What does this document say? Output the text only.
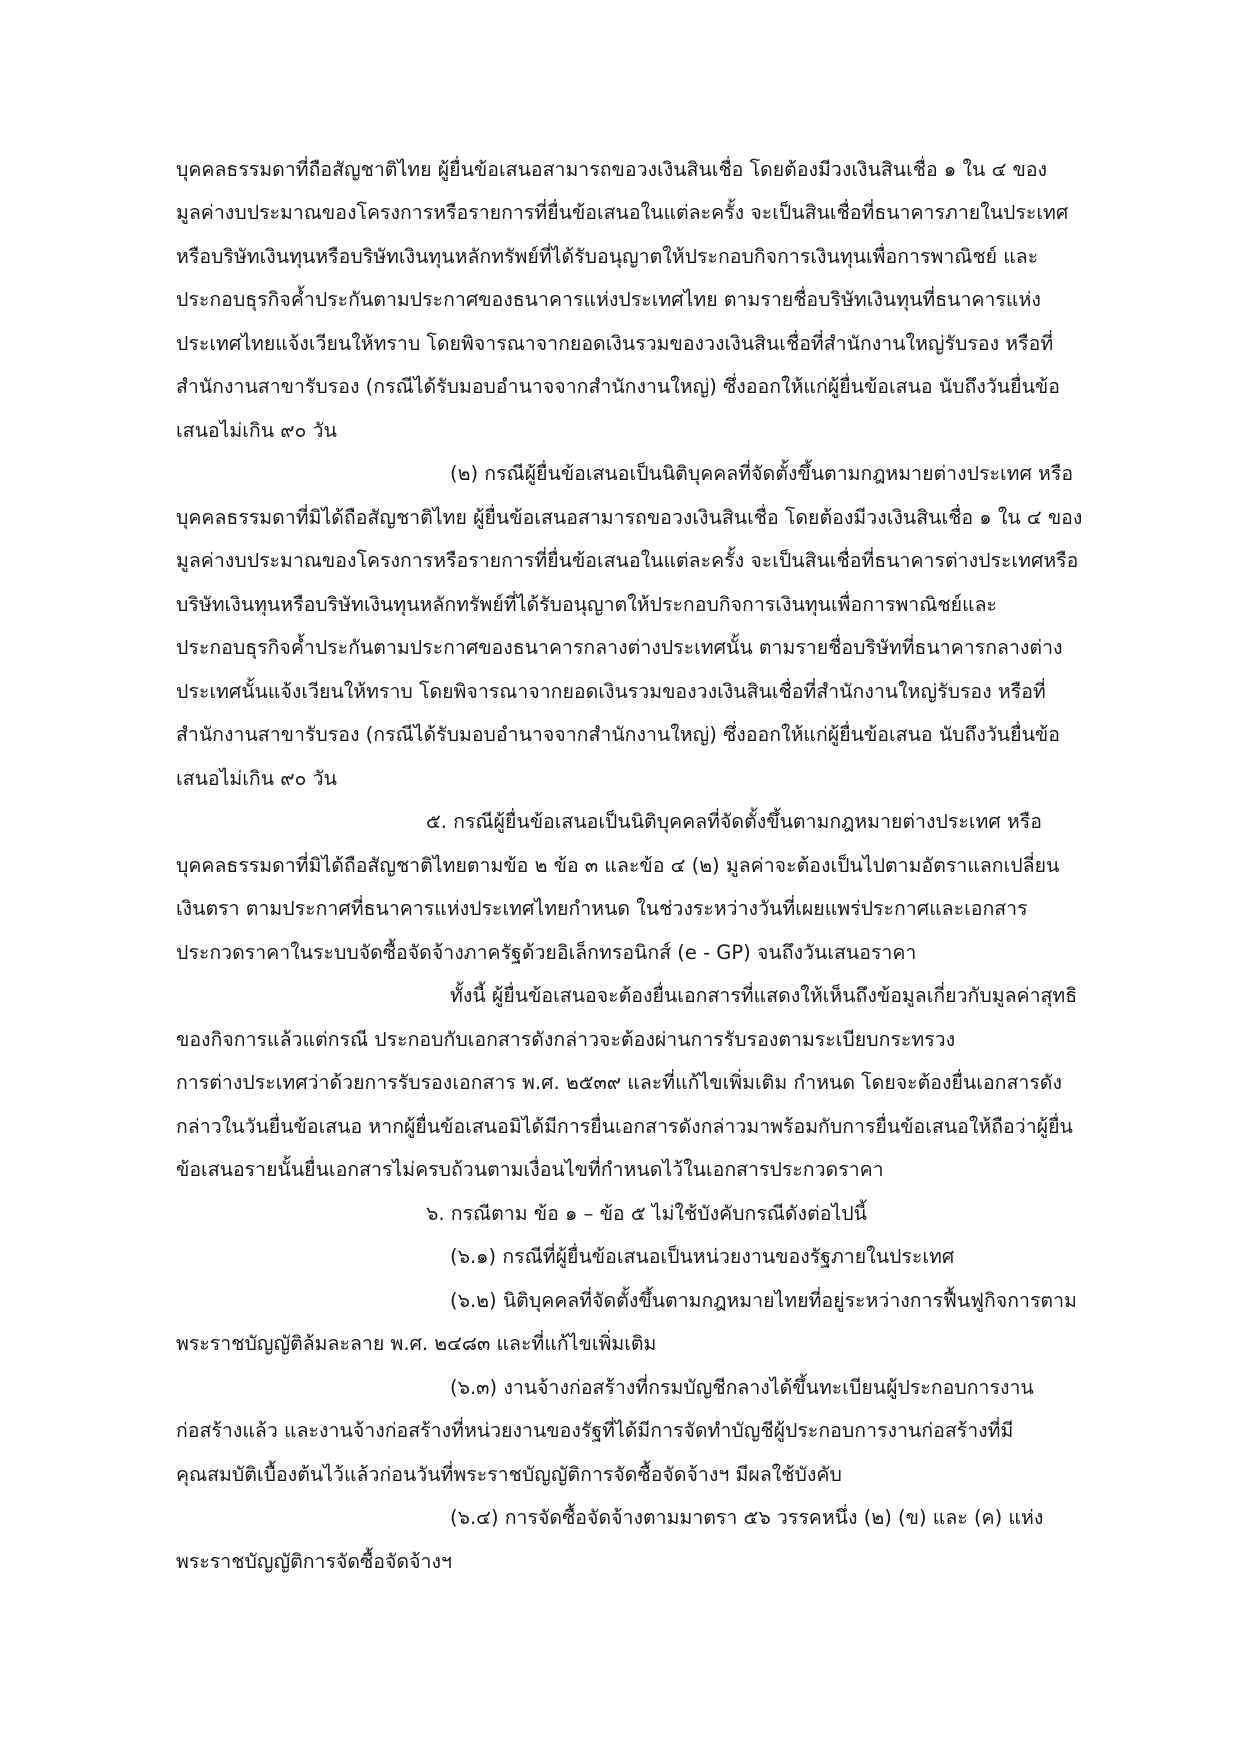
บุคคลธรรมดาที่ถือสัญชาติไทย ผู้ยื่นข้อเสนอสามารถขอวงเงินสินเชื่อ โดยต้องมีวงเงินสินเชื่อ ๑ ใน ๔ ของ
มูลค่างบประมาณของโครงการหรือรายการที่ยื่นข้อเสนอในแต่ละครั้ง จะเป็นสินเชื่อที่ธนาคารภายในประเทศ
หรือบริษัทเงินทุนหรือบริษัทเงินทุนหลักทรัพย์ที่ได้รับอนุญาตให้ประกอบกิจการเงินทุนเพื่อการพาณิชย์ และ
ประกอบธุรกิจค้ำประกันตามประกาศของธนาคารแห่งประเทศไทย ตามรายชื่อบริษัทเงินทุนที่ธนาคารแห่ง
ประเทศไทยแจ้งเวียนให้ทราบ โดยพิจารณาจากยอดเงินรวมของวงเงินสินเชื่อที่สำนักงานใหญ่รับรอง หรือที่
สำนักงานสาขารับรอง (กรณีได้รับมอบอำนาจจากสำนักงานใหญ่) ซึ่งออกให้แก่ผู้ยื่นข้อเสนอ นับถึงวันยื่นข้อ
เสนอไม่เกิน ๙๐ วัน
(๒) กรณีผู้ยื่นข้อเสนอเป็นนิติบุคคลที่จัดตั้งขึ้นตามกฎหมายต่างประเทศ หรือ
บุคคลธรรมดาที่มิได้ถือสัญชาติไทย ผู้ยื่นข้อเสนอสามารถขอวงเงินสินเชื่อ โดยต้องมีวงเงินสินเชื่อ ๑ ใน ๔ ของ
มูลค่างบประมาณของโครงการหรือรายการที่ยื่นข้อเสนอในแต่ละครั้ง จะเป็นสินเชื่อที่ธนาคารต่างประเทศหรือ
บริษัทเงินทุนหรือบริษัทเงินทุนหลักทรัพย์ที่ได้รับอนุญาตให้ประกอบกิจการเงินทุนเพื่อการพาณิชย์และ
ประกอบธุรกิจค้ำประกันตามประกาศของธนาคารกลางต่างประเทศนั้น ตามรายชื่อบริษัทที่ธนาคารกลางต่าง
ประเทศนั้นแจ้งเวียนให้ทราบ โดยพิจารณาจากยอดเงินรวมของวงเงินสินเชื่อที่สำนักงานใหญ่รับรอง หรือที่
สำนักงานสาขารับรอง (กรณีได้รับมอบอำนาจจากสำนักงานใหญ่) ซึ่งออกให้แก่ผู้ยื่นข้อเสนอ นับถึงวันยื่นข้อ
เสนอไม่เกิน ๙๐ วัน
๕. กรณีผู้ยื่นข้อเสนอเป็นนิติบุคคลที่จัดตั้งขึ้นตามกฎหมายต่างประเทศ หรือ
บุคคลธรรมดาที่มิได้ถือสัญชาติไทยตามข้อ ๒ ข้อ ๓ และข้อ ๔ (๒) มูลค่าจะต้องเป็นไปตามอัตราแลกเปลี่ยน
เงินตรา ตามประกาศที่ธนาคารแห่งประเทศไทยกำหนด ในช่วงระหว่างวันที่เผยแพร่ประกาศและเอกสาร
ประกวดราคาในระบบจัดซื้อจัดจ้างภาครัฐด้วยอิเล็กทรอนิกส์ (e - GP) จนถึงวันเสนอราคา
ทั้งนี้ ผู้ยื่นข้อเสนอจะต้องยื่นเอกสารที่แสดงให้เห็นถึงข้อมูลเกี่ยวกับมูลค่าสุทธิ
ของกิจการแล้วแต่กรณี ประกอบกับเอกสารดังกล่าวจะต้องผ่านการรับรองตามระเบียบกระทรวง
การต่างประเทศว่าด้วยการรับรองเอกสาร พ.ศ. ๒๕๓๙ และที่แก้ไขเพิ่มเติม กำหนด โดยจะต้องยื่นเอกสารดัง
กล่าวในวันยื่นข้อเสนอ หากผู้ยื่นข้อเสนอมิได้มีการยื่นเอกสารดังกล่าวมาพร้อมกับการยื่นข้อเสนอให้ถือว่าผู้ยื่น
ข้อเสนอรายนั้นยื่นเอกสารไม่ครบถ้วนตามเงื่อนไขที่กำหนดไว้ในเอกสารประกวดราคา
๖. กรณีตาม ข้อ ๑ – ข้อ ๕ ไม่ใช้บังคับกรณีดังต่อไปนี้
(๖.๑) กรณีที่ผู้ยื่นข้อเสนอเป็นหน่วยงานของรัฐภายในประเทศ
(๖.๒) นิติบุคคลที่จัดตั้งขึ้นตามกฎหมายไทยที่อยู่ระหว่างการฟื้นฟูกิจการตาม
พระราชบัญญัติล้มละลาย พ.ศ. ๒๔๘๓ และที่แก้ไขเพิ่มเติม
(๖.๓) งานจ้างก่อสร้างที่กรมบัญชีกลางได้ขึ้นทะเบียนผู้ประกอบการงาน
ก่อสร้างแล้ว และงานจ้างก่อสร้างที่หน่วยงานของรัฐที่ได้มีการจัดทำบัญชีผู้ประกอบการงานก่อสร้างที่มี
คุณสมบัติเบื้องต้นไว้แล้วก่อนวันที่พระราชบัญญัติการจัดซื้อจัดจ้างฯ มีผลใช้บังคับ
(๖.๔) การจัดซื้อจัดจ้างตามมาตรา ๕๖ วรรคหนึ่ง (๒) (ข) และ (ค) แห่ง
พระราชบัญญัติการจัดซื้อจัดจ้างฯ
